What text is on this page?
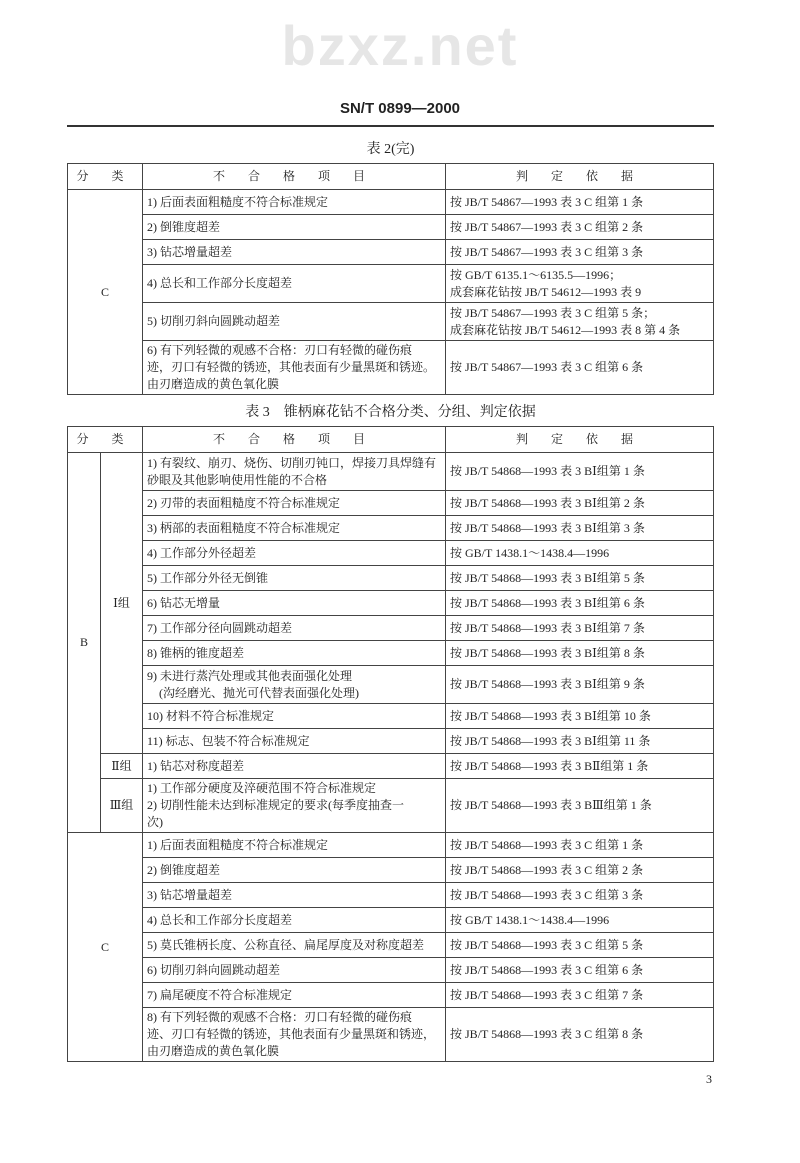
bzxz.net
SN/T 0899—2000
表 2(完)
分 类	不 合 格 项 目	判 定 依 据
C	1) 后面表面粗糙度不符合标准规定	按 JB/T 54867—1993 表 3 C 组第 1 条
	2) 倒锥度超差	按 JB/T 54867—1993 表 3 C 组第 2 条
	3) 钻芯增量超差	按 JB/T 54867—1993 表 3 C 组第 3 条
	4) 总长和工作部分长度超差	按 GB/T 6135.1～6135.5—1996；
成套麻花钻按 JB/T 54612—1993 表 9
	5) 切削刃斜向圆跳动超差	按 JB/T 54867—1993 表 3 C 组第 5 条；
成套麻花钻按 JB/T 54612—1993 表 8 第 4 条
	6) 有下列轻微的观感不合格：刃口有轻微的碰伤痕
迹，刃口有轻微的锈迹，其他表面有少量黑斑和锈迹。
由刃磨造成的黄色氧化膜	按 JB/T 54867—1993 表 3 C 组第 6 条
表 3　锥柄麻花钻不合格分类、分组、判定依据
分 类		不 合 格 项 目	判 定 依 据
B	Ⅰ组	1) 有裂纹、崩刃、烧伤、切削刃钝口，焊接刀具焊缝有
砂眼及其他影响使用性能的不合格	按 JB/T 54868—1993 表 3 BⅠ组第 1 条
		2) 刃带的表面粗糙度不符合标准规定	按 JB/T 54868—1993 表 3 BⅠ组第 2 条
		3) 柄部的表面粗糙度不符合标准规定	按 JB/T 54868—1993 表 3 BⅠ组第 3 条
		4) 工作部分外径超差	按 GB/T 1438.1～1438.4—1996
		5) 工作部分外径无倒锥	按 JB/T 54868—1993 表 3 BⅠ组第 5 条
		6) 钻芯无增量	按 JB/T 54868—1993 表 3 BⅠ组第 6 条
		7) 工作部分径向圆跳动超差	按 JB/T 54868—1993 表 3 BⅠ组第 7 条
		8) 锥柄的锥度超差	按 JB/T 54868—1993 表 3 BⅠ组第 8 条
		9) 未进行蒸汽处理或其他表面强化处理
　(沟经磨光、抛光可代替表面强化处理)	按 JB/T 54868—1993 表 3 BⅠ组第 9 条
		10) 材料不符合标准规定	按 JB/T 54868—1993 表 3 BⅠ组第 10 条
		11) 标志、包装不符合标准规定	按 JB/T 54868—1993 表 3 BⅠ组第 11 条
	Ⅱ组	1) 钻芯对称度超差	按 JB/T 54868—1993 表 3 BⅡ组第 1 条
	Ⅲ组	1) 工作部分硬度及淬硬范围不符合标准规定
2) 切削性能未达到标准规定的要求(每季度抽查一
次)	按 JB/T 54868—1993 表 3 BⅢ组第 1 条
C		1) 后面表面粗糙度不符合标准规定	按 JB/T 54868—1993 表 3 C 组第 1 条
		2) 倒锥度超差	按 JB/T 54868—1993 表 3 C 组第 2 条
		3) 钻芯增量超差	按 JB/T 54868—1993 表 3 C 组第 3 条
		4) 总长和工作部分长度超差	按 GB/T 1438.1～1438.4—1996
		5) 莫氏锥柄长度、公称直径、扁尾厚度及对称度超差	按 JB/T 54868—1993 表 3 C 组第 5 条
		6) 切削刃斜向圆跳动超差	按 JB/T 54868—1993 表 3 C 组第 6 条
		7) 扁尾硬度不符合标准规定	按 JB/T 54868—1993 表 3 C 组第 7 条
		8) 有下列轻微的观感不合格：刃口有轻微的碰伤痕
迹、刃口有轻微的锈迹，其他表面有少量黑斑和锈迹，
由刃磨造成的黄色氧化膜	按 JB/T 54868—1993 表 3 C 组第 8 条
3
